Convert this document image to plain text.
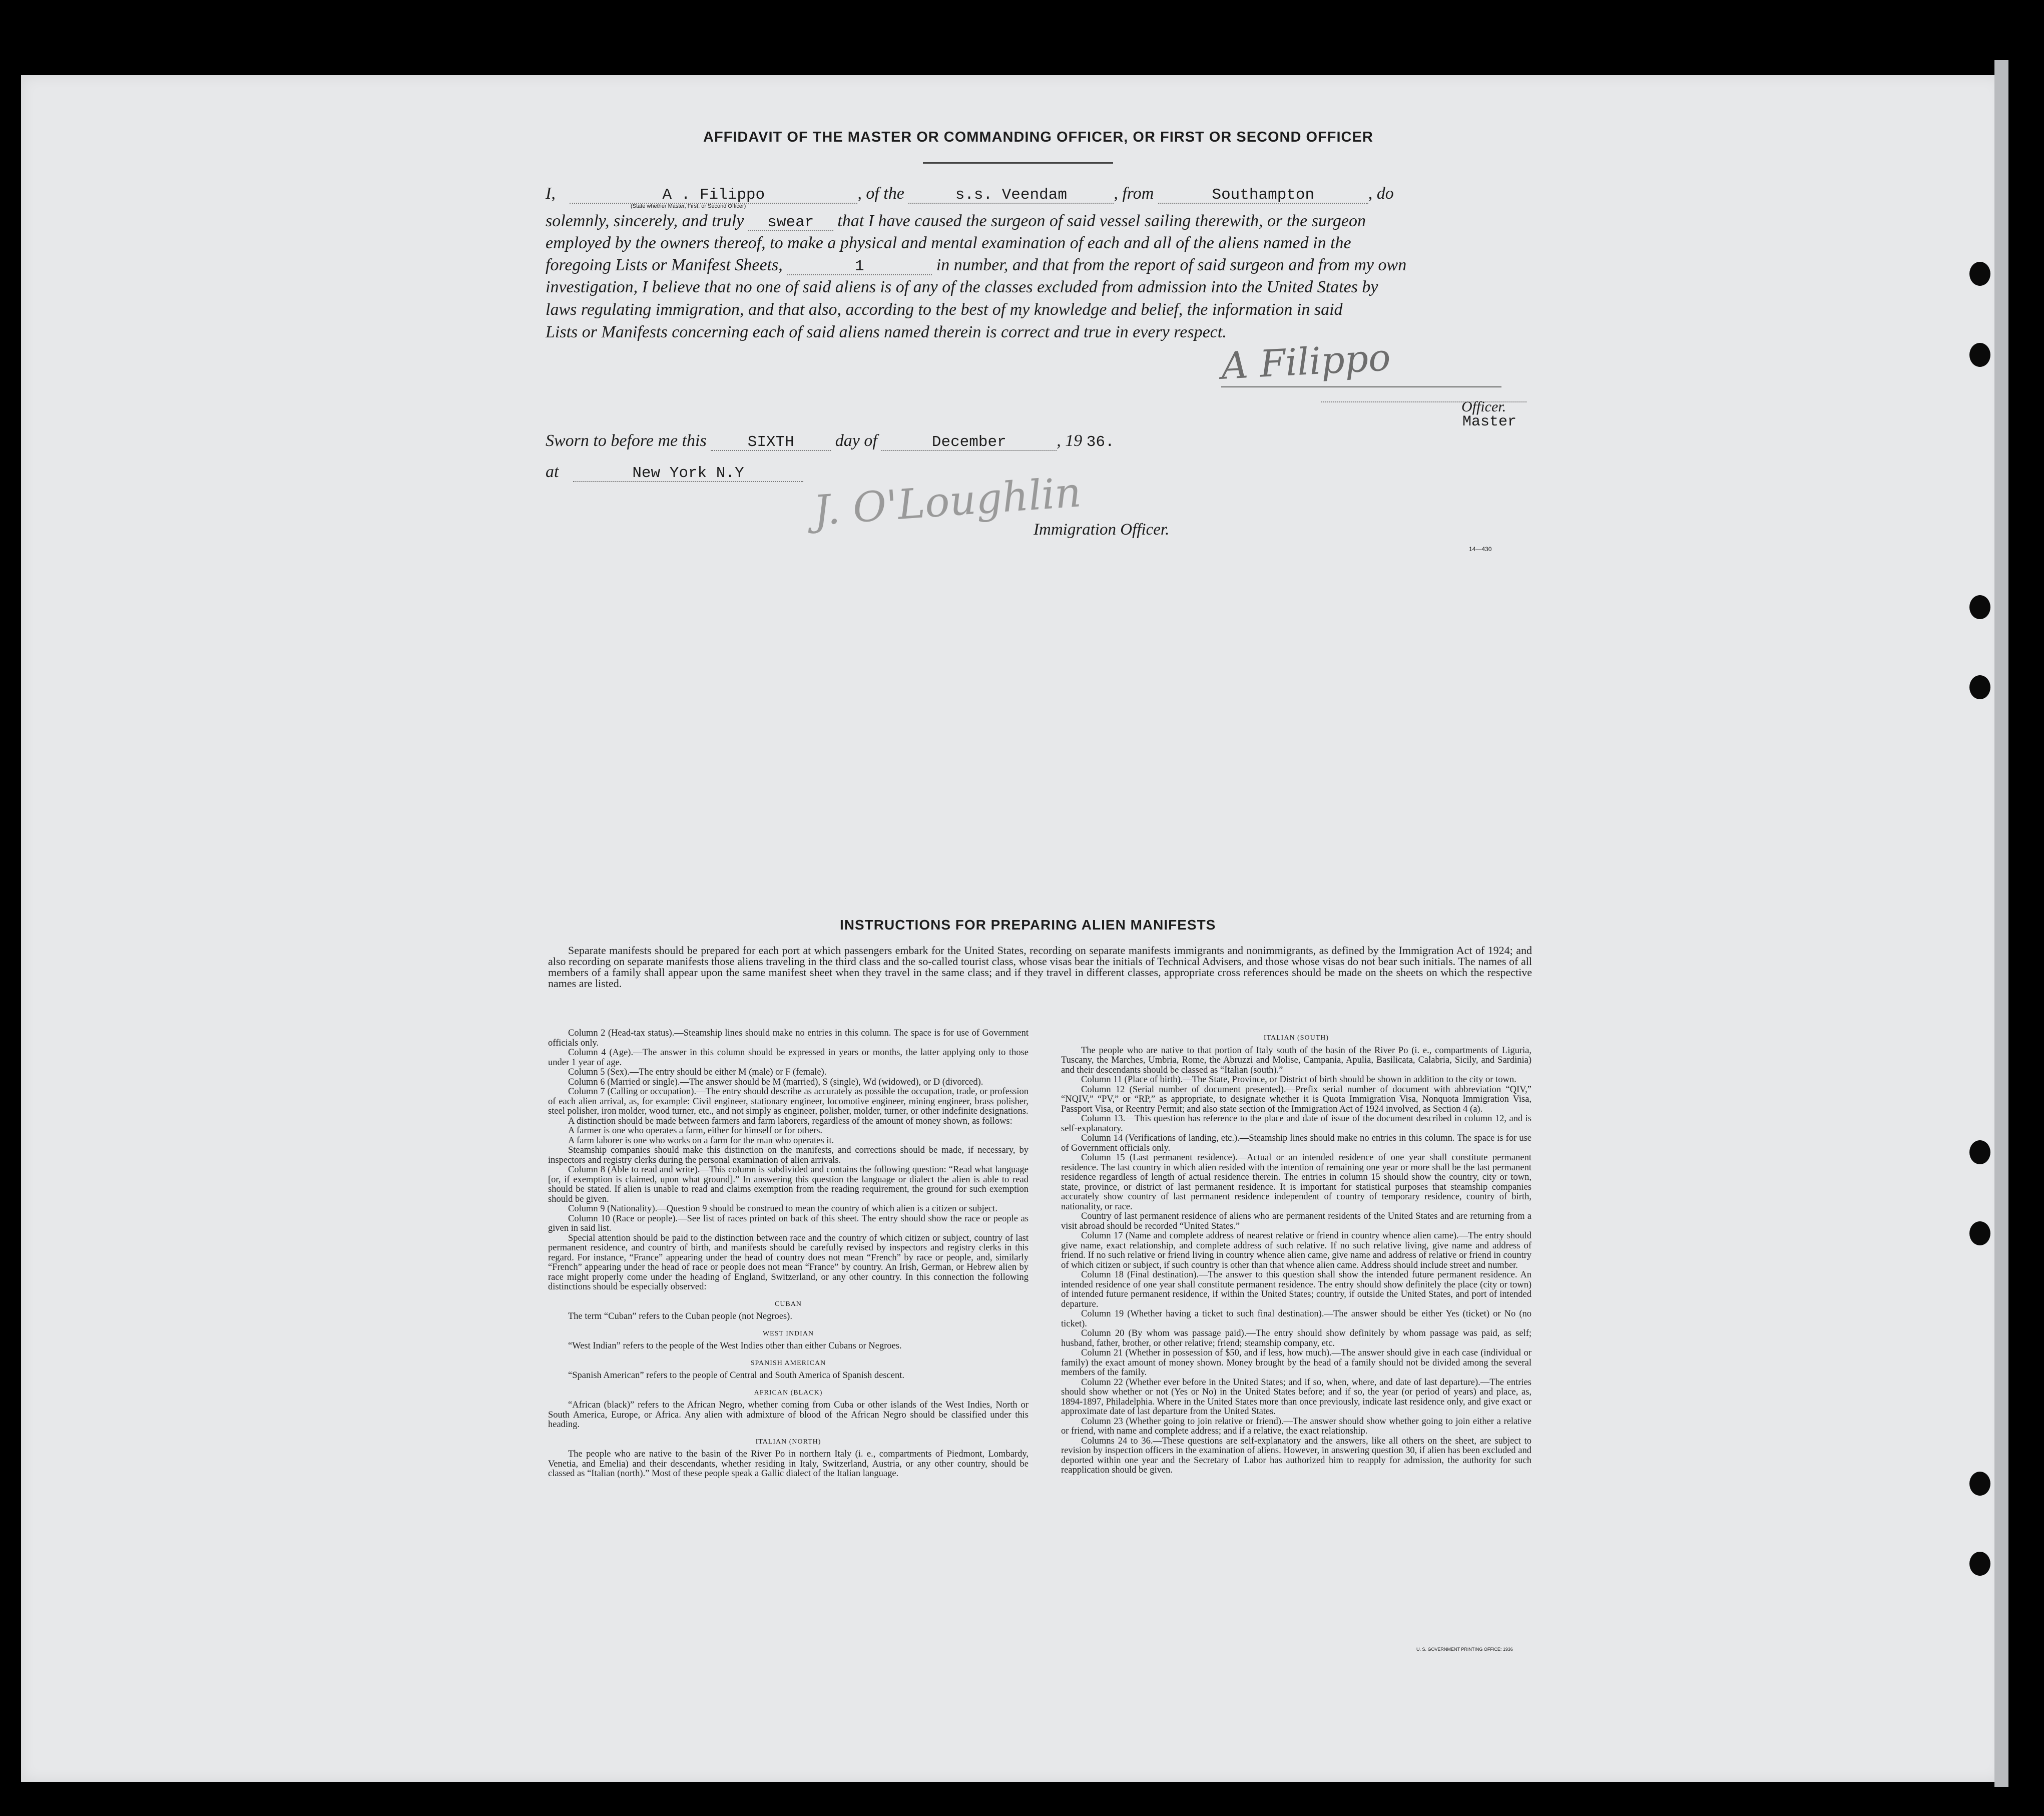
AFFIDAVIT OF THE MASTER OR COMMANDING OFFICER, OR FIRST OR SECOND OFFICER
I,	A . Filippo	, of the	s.s. Veendam	, from	Southampton	, do
(State whether Master, First, or Second Officer)
solemnly, sincerely, and truly swear that I have caused the surgeon of said vessel sailing therewith, or the surgeon
employed by the owners thereof, to make a physical and mental examination of each and all of the aliens named in the
foregoing Lists or Manifest Sheets,	1	in number, and that from the report of said surgeon and from my own
investigation, I believe that no one of said aliens is of any of the classes excluded from admission into the United States by
laws regulating immigration, and that also, according to the best of my knowledge and belief, the information in said
Lists or Manifests concerning each of said aliens named therein is correct and true in every respect.
A Filippo
Officer.
Master
Sworn to before me this	SIXTH day of	December	, 19 36.
at	New York N.Y	J. O'Loughlin
Immigration Officer.
14—430
INSTRUCTIONS FOR PREPARING ALIEN MANIFESTS

Separate manifests should be prepared for each port at which passengers embark for the United States, recording on separate manifests immigrants and nonimmigrants, as defined by the Immigration Act of 1924; and also recording on separate manifests those aliens traveling in the third class and the so-called tourist class, whose visas bear the initials of Technical Advisers, and those whose visas do not bear such initials. The names of all members of a family shall appear upon the same manifest sheet when they travel in the same class; and if they travel in different classes, appropriate cross references should be made on the sheets on which the respective names are listed.

Column 2 (Head-tax status).—Steamship lines should make no entries in this column. The space is for use of Government officials only.

Column 4 (Age).—The answer in this column should be expressed in years or months, the latter applying only to those under 1 year of age.

Column 5 (Sex).—The entry should be either M (male) or F (female).

Column 6 (Married or single).—The answer should be M (married), S (single), Wd (widowed), or D (divorced).

Column 7 (Calling or occupation).—The entry should describe as accurately as possible the occupation, trade, or profession of each alien arrival, as, for example: Civil engineer, stationary engineer, locomotive engineer, mining engineer, brass polisher, steel polisher, iron molder, wood turner, etc., and not simply as engineer, polisher, molder, turner, or other indefinite designations.

A distinction should be made between farmers and farm laborers, regardless of the amount of money shown, as follows:

A farmer is one who operates a farm, either for himself or for others.

A farm laborer is one who works on a farm for the man who operates it.

Steamship companies should make this distinction on the manifests, and corrections should be made, if necessary, by inspectors and registry clerks during the personal examination of alien arrivals.

Column 8 (Able to read and write).—This column is subdivided and contains the following question: “Read what language [or, if exemption is claimed, upon what ground].” In answering this question the language or dialect the alien is able to read should be stated. If alien is unable to read and claims exemption from the reading requirement, the ground for such exemption should be given.

Column 9 (Nationality).—Question 9 should be construed to mean the country of which alien is a citizen or subject.

Column 10 (Race or people).—See list of races printed on back of this sheet. The entry should show the race or people as given in said list.

Special attention should be paid to the distinction between race and the country of which citizen or subject, country of last permanent residence, and country of birth, and manifests should be carefully revised by inspectors and registry clerks in this regard. For instance, “France” appearing under the head of country does not mean “French” by race or people, and, similarly “French” appearing under the head of race or people does not mean “France” by country. An Irish, German, or Hebrew alien by race might properly come under the heading of England, Switzerland, or any other country. In this connection the following distinctions should be especially observed:

CUBAN

The term “Cuban” refers to the Cuban people (not Negroes).

WEST INDIAN

“West Indian” refers to the people of the West Indies other than either Cubans or Negroes.

SPANISH AMERICAN

“Spanish American” refers to the people of Central and South America of Spanish descent.

AFRICAN (BLACK)

“African (black)” refers to the African Negro, whether coming from Cuba or other islands of the West Indies, North or South America, Europe, or Africa. Any alien with admixture of blood of the African Negro should be classified under this heading.

ITALIAN (NORTH)

The people who are native to the basin of the River Po in northern Italy (i. e., compartments of Piedmont, Lombardy, Venetia, and Emelia) and their descendants, whether residing in Italy, Switzerland, Austria, or any other country, should be classed as “Italian (north).” Most of these people speak a Gallic dialect of the Italian language.

ITALIAN (SOUTH)

The people who are native to that portion of Italy south of the basin of the River Po (i. e., compartments of Liguria, Tuscany, the Marches, Umbria, Rome, the Abruzzi and Molise, Campania, Apulia, Basilicata, Calabria, Sicily, and Sardinia) and their descendants should be classed as “Italian (south).”

Column 11 (Place of birth).—The State, Province, or District of birth should be shown in addition to the city or town.

Column 12 (Serial number of document presented).—Prefix serial number of document with abbreviation “QIV,” “NQIV,” “PV,” or “RP,” as appropriate, to designate whether it is Quota Immigration Visa, Nonquota Immigration Visa, Passport Visa, or Reentry Permit; and also state section of the Immigration Act of 1924 involved, as Section 4 (a).

Column 13.—This question has reference to the place and date of issue of the document described in column 12, and is self-explanatory.

Column 14 (Verifications of landing, etc.).—Steamship lines should make no entries in this column. The space is for use of Government officials only.

Column 15 (Last permanent residence).—Actual or an intended residence of one year shall constitute permanent residence. The last country in which alien resided with the intention of remaining one year or more shall be the last permanent residence regardless of length of actual residence therein. The entries in column 15 should show the country, city or town, state, province, or district of last permanent residence. It is important for statistical purposes that steamship companies accurately show country of last permanent residence independent of country of temporary residence, country of birth, nationality, or race.

Country of last permanent residence of aliens who are permanent residents of the United States and are returning from a visit abroad should be recorded “United States.”

Column 17 (Name and complete address of nearest relative or friend in country whence alien came).—The entry should give name, exact relationship, and complete address of such relative. If no such relative living, give name and address of friend. If no such relative or friend living in country whence alien came, give name and address of relative or friend in country of which citizen or subject, if such country is other than that whence alien came. Address should include street and number.

Column 18 (Final destination).—The answer to this question shall show the intended future permanent residence. An intended residence of one year shall constitute permanent residence. The entry should show definitely the place (city or town) of intended future permanent residence, if within the United States; country, if outside the United States, and port of intended departure.

Column 19 (Whether having a ticket to such final destination).—The answer should be either Yes (ticket) or No (no ticket).

Column 20 (By whom was passage paid).—The entry should show definitely by whom passage was paid, as self; husband, father, brother, or other relative; friend; steamship company, etc.

Column 21 (Whether in possession of $50, and if less, how much).—The answer should give in each case (individual or family) the exact amount of money shown. Money brought by the head of a family should not be divided among the several members of the family.

Column 22 (Whether ever before in the United States; and if so, when, where, and date of last departure).—The entries should show whether or not (Yes or No) in the United States before; and if so, the year (or period of years) and place, as, 1894-1897, Philadelphia. Where in the United States more than once previously, indicate last residence only, and give exact or approximate date of last departure from the United States.

Column 23 (Whether going to join relative or friend).—The answer should show whether going to join either a relative or friend, with name and complete address; and if a relative, the exact relationship.

Columns 24 to 36.—These questions are self-explanatory and the answers, like all others on the sheet, are subject to revision by inspection officers in the examination of aliens. However, in answering question 30, if alien has been excluded and deported within one year and the Secretary of Labor has authorized him to reapply for admission, the authority for such reapplication should be given.

U. S. GOVERNMENT PRINTING OFFICE: 1936
